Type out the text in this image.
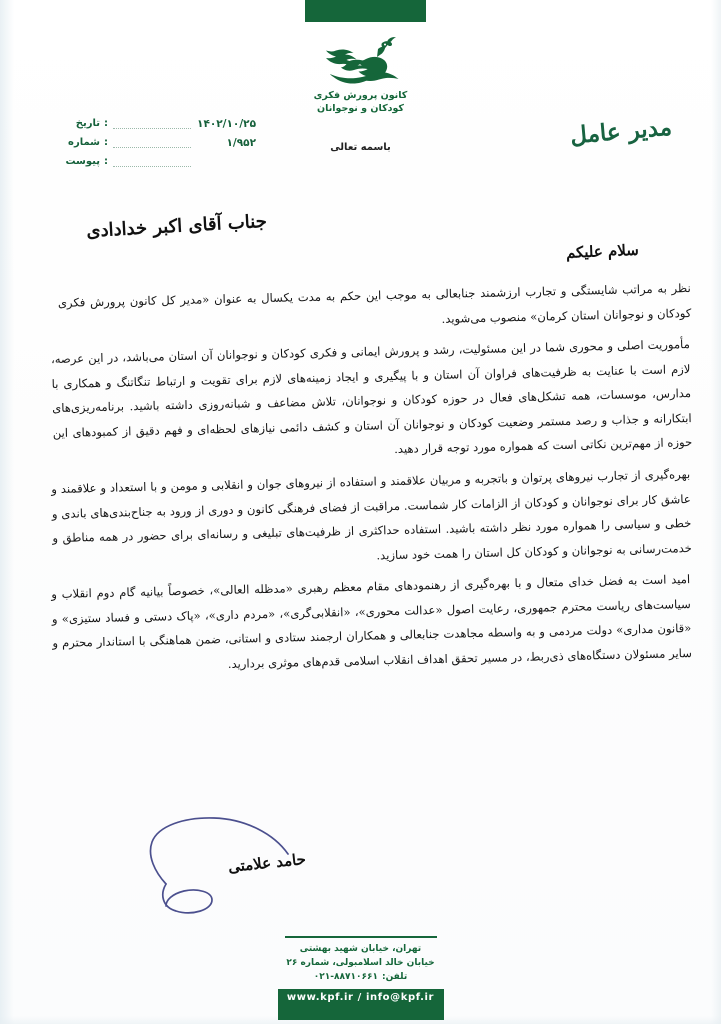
کانون پرورش فکری
کودکان و نوجوانان
تاریخ :	۱۴۰۲/۱۰/۲۵
شماره :	۱/۹۵۲
پیوست :
باسمه تعالی	مدیر عامل
جناب آقای اکبر خدادادی
سلام علیکم

نظر به مراتب شایستگی و تجارب ارزشمند جنابعالی به موجب این حکم به مدت یکسال به عنوان «مدیر کل کانون پرورش فکری کودکان و نوجوانان استان کرمان» منصوب می‌شوید.

مأموریت اصلی و محوری شما در این مسئولیت، رشد و پرورش ایمانی و فکری کودکان و نوجوانان آن استان می‌باشد، در این عرصه، لازم است با عنایت به ظرفیت‌های فراوان آن استان و با پیگیری و ایجاد زمینه‌های لازم برای تقویت و ارتباط تنگاتنگ و همکاری با مدارس، موسسات، همه تشکل‌های فعال در حوزه کودکان و نوجوانان، تلاش مضاعف و شبانه‌روزی داشته باشید. برنامه‌ریزی‌های ابتکارانه و جذاب و رصد مستمر وضعیت کودکان و نوجوانان آن استان و کشف دائمی نیازهای لحظه‌ای و فهم دقیق از کمبودهای این حوزه از مهم‌ترین نکاتی است که همواره مورد توجه قرار دهید.

بهره‌گیری از تجارب نیروهای پرتوان و باتجربه و مربیان علاقمند و استفاده از نیروهای جوان و انقلابی و مومن و با استعداد و علاقمند و عاشق کار برای نوجوانان و کودکان از الزامات کار شماست. مراقبت از فضای فرهنگی کانون و دوری از ورود به جناح‌بندی‌های باندی و خطی و سیاسی را همواره مورد نظر داشته باشید. استفاده حداکثری از ظرفیت‌های تبلیغی و رسانه‌ای برای حضور در همه مناطق و خدمت‌رسانی به نوجوانان و کودکان کل استان را همت خود سازید.

امید است به فضل خدای متعال و با بهره‌گیری از رهنمودهای مقام معظم رهبری «مدظله العالی»، خصوصاً بیانیه گام دوم انقلاب و سیاست‌های ریاست محترم جمهوری، رعایت اصول «عدالت محوری»، «انقلابی‌گری»، «مردم داری»، «پاک دستی و فساد ستیزی» و «قانون مداری» دولت مردمی و به واسطه مجاهدت جنابعالی و همکاران ارجمند ستادی و استانی، ضمن هماهنگی با استاندار محترم و سایر مسئولان دستگاه‌های ذی‌ربط، در مسیر تحقق اهداف انقلاب اسلامی قدم‌های موثری بردارید.

حامد علامتی
تهران، خیابان شهید بهشتی
خیابان خالد اسلامبولی، شماره ۲۶
تلفن:
۰۲۱-۸۸۷۱۰۶۶۱
www.kpf.ir / info@kpf.ir
